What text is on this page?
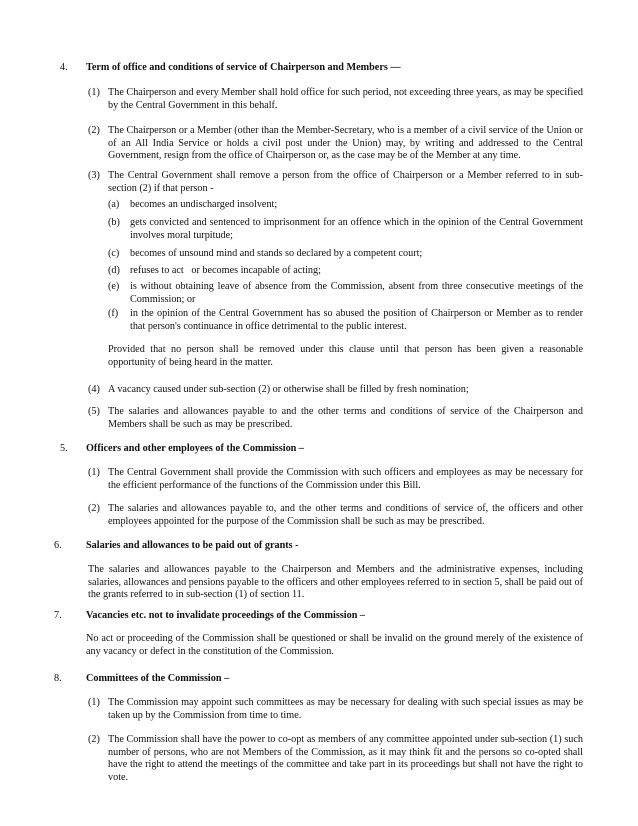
4. Term of office and conditions of service of Chairperson and Members —
(1) The Chairperson and every Member shall hold office for such period, not exceeding three years, as may be specified by the Central Government in this behalf.
(2) The Chairperson or a Member (other than the Member-Secretary, who is a member of a civil service of the Union or of an All India Service or holds a civil post under the Union) may, by writing and addressed to the Central Government, resign from the office of Chairperson or, as the case may be of the Member at any time.
(3) The Central Government shall remove a person from the office of Chairperson or a Member referred to in sub-section (2) if that person -
(a) becomes an undischarged insolvent;
(b) gets convicted and sentenced to imprisonment for an offence which in the opinion of the Central Government involves moral turpitude;
(c) becomes of unsound mind and stands so declared by a competent court;
(d) refuses to act   or becomes incapable of acting;
(e) is without obtaining leave of absence from the Commission, absent from three consecutive meetings of the Commission; or
(f) in the opinion of the Central Government has so abused the position of Chairperson or Member as to render that person's continuance in office detrimental to the public interest.
Provided that no person shall be removed under this clause until that person has been given a reasonable opportunity of being heard in the matter.
(4) A vacancy caused under sub-section (2) or otherwise shall be filled by fresh nomination;
(5) The salaries and allowances payable to and the other terms and conditions of service of the Chairperson and Members shall be such as may be prescribed.
5. Officers and other employees of the Commission –
(1) The Central Government shall provide the Commission with such officers and employees as may be necessary for the efficient performance of the functions of the Commission under this Bill.
(2) The salaries and allowances payable to, and the other terms and conditions of service of, the officers and other employees appointed for the purpose of the Commission shall be such as may be prescribed.
6. Salaries and allowances to be paid out of grants -
The salaries and allowances payable to the Chairperson and Members and the administrative expenses, including salaries, allowances and pensions payable to the officers and other employees referred to in section 5, shall be paid out of the grants referred to in sub-section (1) of section 11.
7. Vacancies etc. not to invalidate proceedings of the Commission –
No act or proceeding of the Commission shall be questioned or shall be invalid on the ground merely of the existence of any vacancy or defect in the constitution of the Commission.
8. Committees of the Commission –
(1) The Commission may appoint such committees as may be necessary for dealing with such special issues as may be taken up by the Commission from time to time.
(2) The Commission shall have the power to co-opt as members of any committee appointed under sub-section (1) such number of persons, who are not Members of the Commission, as it may think fit and the persons so co-opted shall have the right to attend the meetings of the committee and take part in its proceedings but shall not have the right to vote.
